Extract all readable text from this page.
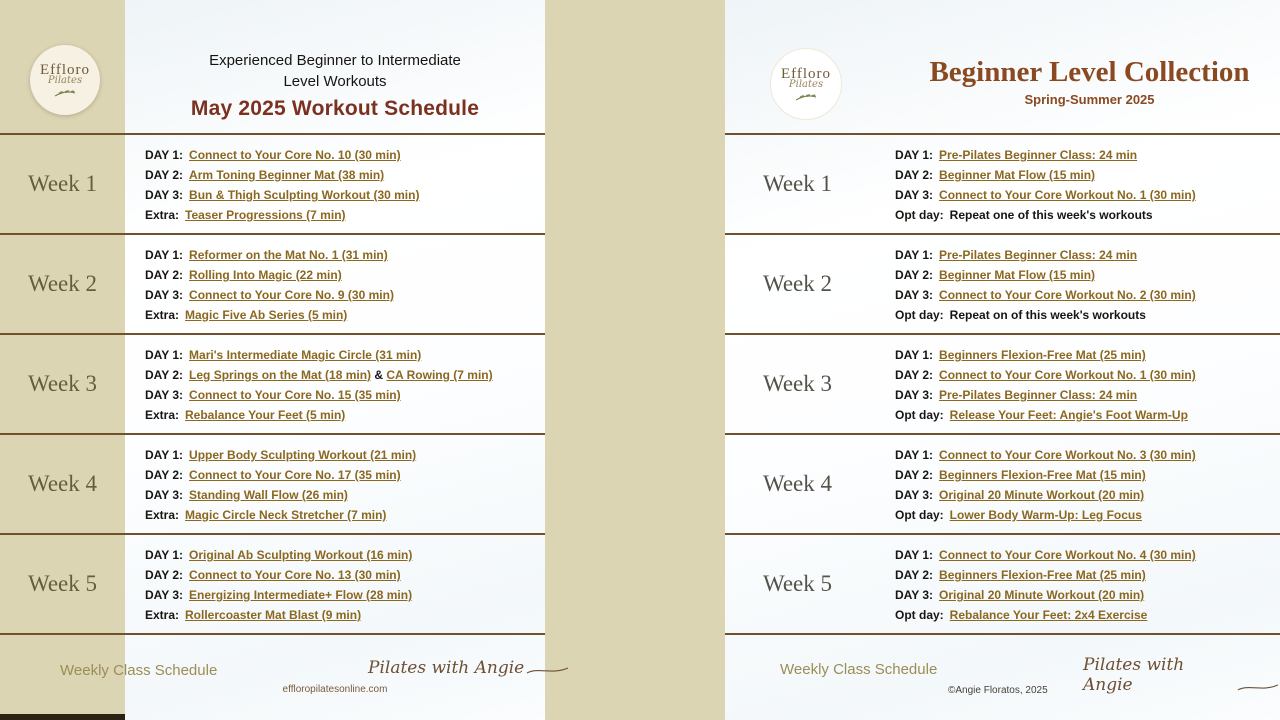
Experienced Beginner to Intermediate
Level Workouts
May 2025 Workout Schedule
Effloro
Pilates	Beginner Level Collection
Spring-Summer 2025
Effloro
Pilates
Week 1
DAY 1: Connect to Your Core No. 10 (30 min)
DAY 2: Arm Toning Beginner Mat (38 min)
DAY 3: Bun & Thigh Sculpting Workout (30 min)
Extra: Teaser Progressions (7 min)
Week 2
DAY 1: Reformer on the Mat No. 1 (31 min)
DAY 2: Rolling Into Magic (22 min)
DAY 3: Connect to Your Core No. 9 (30 min)
Extra: Magic Five Ab Series (5 min)
Week 3
DAY 1: Mari's Intermediate Magic Circle (31 min)
DAY 2: Leg Springs on the Mat (18 min) & CA Rowing (7 min)
DAY 3: Connect to Your Core No. 15 (35 min)
Extra: Rebalance Your Feet (5 min)
Week 4
DAY 1: Upper Body Sculpting Workout (21 min)
DAY 2: Connect to Your Core No. 17 (35 min)
DAY 3: Standing Wall Flow (26 min)
Extra: Magic Circle Neck Stretcher (7 min)
Week 5
DAY 1: Original Ab Sculpting Workout (16 min)
DAY 2: Connect to Your Core No. 13 (30 min)
DAY 3: Energizing Intermediate+ Flow (28 min)
Extra: Rollercoaster Mat Blast (9 min)
Week 1
DAY 1: Pre-Pilates Beginner Class: 24 min
DAY 2: Beginner Mat Flow (15 min)
DAY 3: Connect to Your Core Workout No. 1 (30 min)
Opt day: Repeat one of this week's workouts
Week 2
DAY 1: Pre-Pilates Beginner Class: 24 min
DAY 2: Beginner Mat Flow (15 min)
DAY 3: Connect to Your Core Workout No. 2 (30 min)
Opt day: Repeat on of this week's workouts
Week 3
DAY 1: Beginners Flexion-Free Mat (25 min)
DAY 2: Connect to Your Core Workout No. 1 (30 min)
DAY 3: Pre-Pilates Beginner Class: 24 min
Opt day: Release Your Feet: Angie's Foot Warm-Up
Week 4
DAY 1: Connect to Your Core Workout No. 3 (30 min)
DAY 2: Beginners Flexion-Free Mat (15 min)
DAY 3: Original 20 Minute Workout (20 min)
Opt day: Lower Body Warm-Up: Leg Focus
Week 5
DAY 1: Connect to Your Core Workout No. 4 (30 min)
DAY 2: Beginners Flexion-Free Mat (25 min)
DAY 3: Original 20 Minute Workout (20 min)
Opt day: Rebalance Your Feet: 2x4 Exercise
Weekly Class Schedule	Pilates with Angie
effloropilatesonline.com
Weekly Class Schedule	Pilates with Angie
©Angie Floratos, 2025
